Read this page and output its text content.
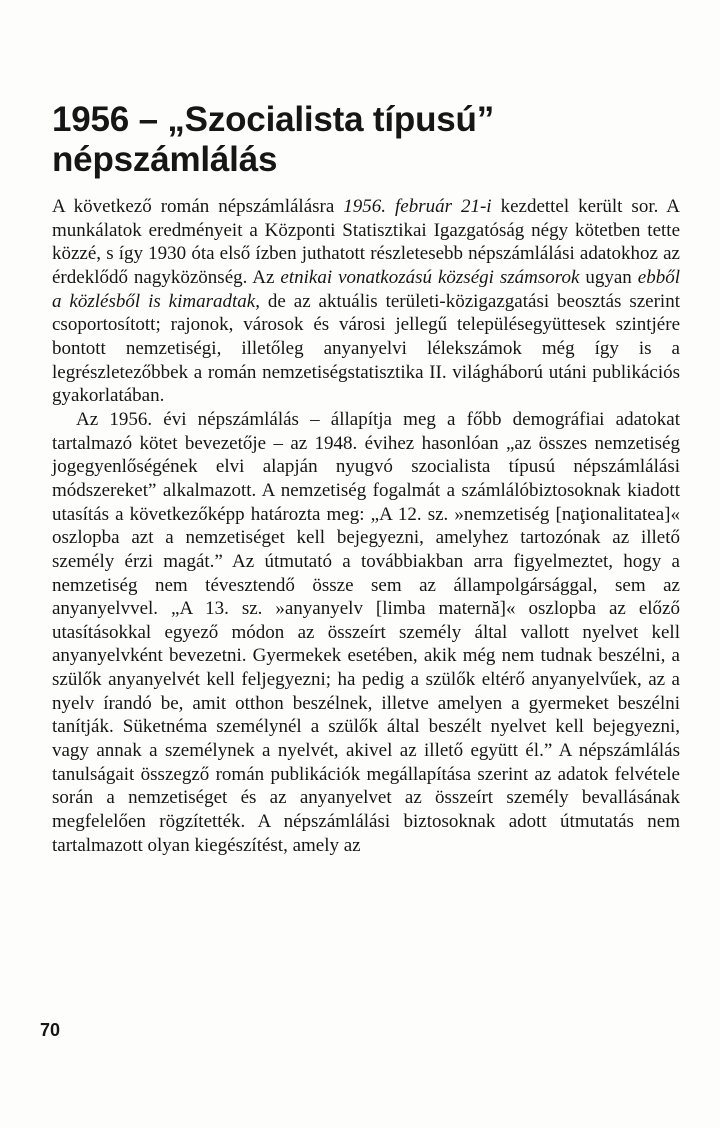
1956 – „Szocialista típusú”
népszámlálás

A következő román népszámlálásra 1956. február 21-i kezdettel került sor. A munkálatok eredményeit a Központi Statisztikai Igazgatóság négy kötetben tette közzé, s így 1930 óta első ízben juthatott részletesebb népszámlálási adatokhoz az érdeklődő nagyközönség. Az etnikai vonatkozású községi számsorok ugyan ebből a közlésből is kimaradtak, de az aktuális területi-közigazgatási beosztás szerint csoportosított; rajonok, városok és városi jellegű településegyüttesek szintjére bontott nemzetiségi, illetőleg anyanyelvi lélekszámok még így is a legrészletezőbbek a román nemzetiségstatisztika II. világháború utáni publikációs gyakorlatában.

Az 1956. évi népszámlálás – állapítja meg a főbb demográfiai adatokat tartalmazó kötet bevezetője – az 1948. évihez hasonlóan „az összes nemzetiség jogegyenlőségének elvi alapján nyugvó szocialista típusú népszámlálási módszereket” alkalmazott. A nemzetiség fogalmát a számlálóbiztosoknak kiadott utasítás a következőképp határozta meg: „A 12. sz. »nemzetiség [naţionalitatea]« oszlopba azt a nemzetiséget kell bejegyezni, amelyhez tartozónak az illető személy érzi magát.” Az útmutató a továbbiakban arra figyelmeztet, hogy a nemzetiség nem tévesztendő össze sem az állampolgársággal, sem az anyanyelvvel. „A 13. sz. »anyanyelv [limba maternă]« oszlopba az előző utasításokkal egyező módon az összeírt személy által vallott nyelvet kell anyanyelvként bevezetni. Gyermekek esetében, akik még nem tudnak beszélni, a szülők anyanyelvét kell feljegyezni; ha pedig a szülők eltérő anyanyelvűek, az a nyelv írandó be, amit otthon beszélnek, illetve amelyen a gyermeket beszélni tanítják. Süketnéma személynél a szülők által beszélt nyelvet kell bejegyezni, vagy annak a személynek a nyelvét, akivel az illető együtt él.” A népszámlálás tanulságait összegző román publikációk megállapítása szerint az adatok felvétele során a nemzetiséget és az anyanyelvet az összeírt személy bevallásának megfelelően rögzítették. A népszámlálási biztosoknak adott útmutatás nem tartalmazott olyan kiegészítést, amely az

70
